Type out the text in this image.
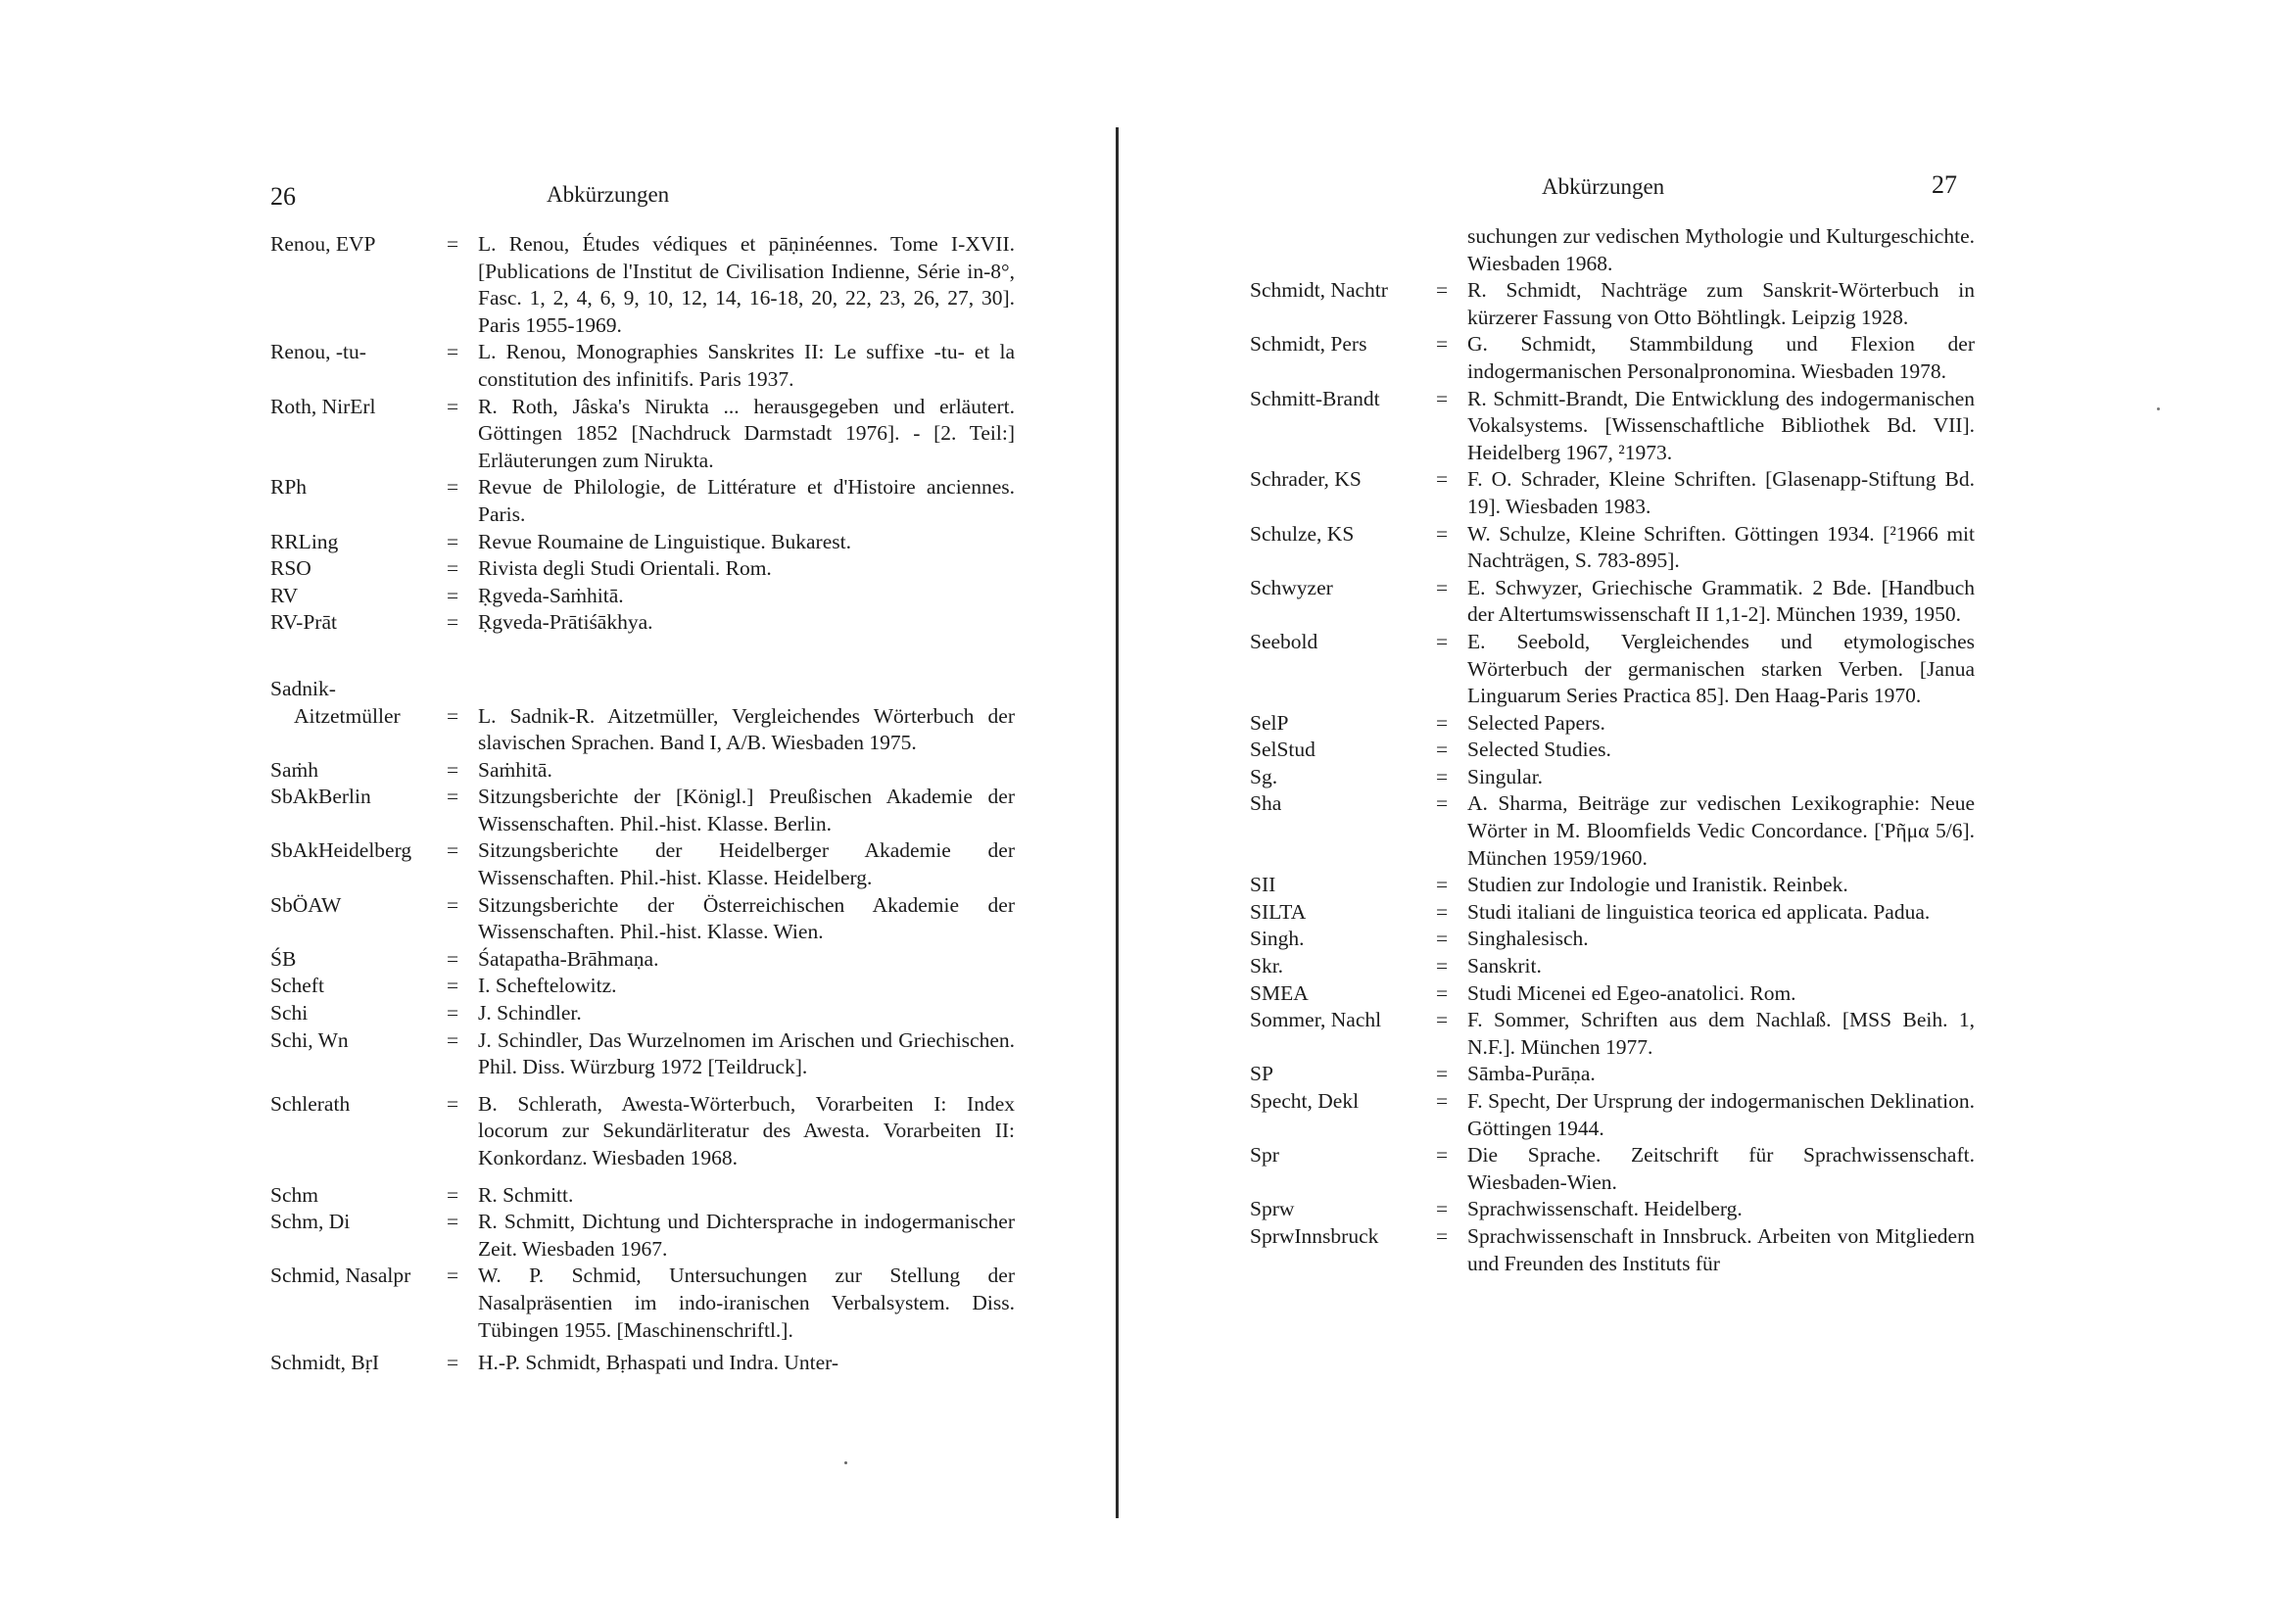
26	Abkürzungen
Renou, EVP	= L. Renou, Études védiques et pāṇinéennes. Tome I-XVII. [Publications de l'Institut de Civilisation Indienne, Série in-8°, Fasc. 1, 2, 4, 6, 9, 10, 12, 14, 16-18, 20, 22, 23, 26, 27, 30]. Paris 1955-1969.
Renou, -tu-	= L. Renou, Monographies Sanskrites II: Le suffixe -tu- et la constitution des infinitifs. Paris 1937.
Roth, NirErl	= R. Roth, Jâska's Nirukta ... herausgegeben und erläutert. Göttingen 1852 [Nachdruck Darmstadt 1976]. - [2. Teil:] Erläuterungen zum Nirukta.
RPh	= Revue de Philologie, de Littérature et d'Histoire anciennes. Paris.
RRLing	= Revue Roumaine de Linguistique. Bukarest.
RSO	= Rivista degli Studi Orientali. Rom.
RV	= Ṛgveda-Saṁhitā.
RV-Prāt	= Ṛgveda-Prātiśākhya.
Sadnik-
Aitzetmüller	= L. Sadnik-R. Aitzetmüller, Vergleichendes Wörterbuch der slavischen Sprachen. Band I, A/B. Wiesbaden 1975.
Saṁh	= Saṁhitā.
SbAkBerlin	= Sitzungsberichte der [Königl.] Preußischen Akademie der Wissenschaften. Phil.-hist. Klasse. Berlin.
SbAkHeidelberg	= Sitzungsberichte der Heidelberger Akademie der Wissenschaften. Phil.-hist. Klasse. Heidelberg.
SbÖAW	= Sitzungsberichte der Österreichischen Akademie der Wissenschaften. Phil.-hist. Klasse. Wien.
ŚB	= Śatapatha-Brāhmaṇa.
Scheft	= I. Scheftelowitz.
Schi	= J. Schindler.
Schi, Wn	= J. Schindler, Das Wurzelnomen im Arischen und Griechischen. Phil. Diss. Würzburg 1972 [Teildruck].
Schlerath	= B. Schlerath, Awesta-Wörterbuch, Vorarbeiten I: Index locorum zur Sekundärliteratur des Awesta. Vorarbeiten II: Konkordanz. Wiesbaden 1968.
Schm	= R. Schmitt.
Schm, Di	= R. Schmitt, Dichtung und Dichtersprache in indogermanischer Zeit. Wiesbaden 1967.
Schmid, Nasalpr	= W. P. Schmid, Untersuchungen zur Stellung der Nasalpräsentien im indo-iranischen Verbalsystem. Diss. Tübingen 1955. [Maschinenschriftl.].
Schmidt, BṛI	= H.-P. Schmidt, Bṛhaspati und Indra. Unter-
Abkürzungen	27
suchungen zur vedischen Mythologie und Kulturgeschichte. Wiesbaden 1968.
Schmidt, Nachtr	= R. Schmidt, Nachträge zum Sanskrit-Wörterbuch in kürzerer Fassung von Otto Böhtlingk. Leipzig 1928.
Schmidt, Pers	= G. Schmidt, Stammbildung und Flexion der indogermanischen Personalpronomina. Wiesbaden 1978.
Schmitt-Brandt	= R. Schmitt-Brandt, Die Entwicklung des indogermanischen Vokalsystems. [Wissenschaftliche Bibliothek Bd. VII]. Heidelberg 1967, ²1973.
Schrader, KS	= F. O. Schrader, Kleine Schriften. [Glasenapp-Stiftung Bd. 19]. Wiesbaden 1983.
Schulze, KS	= W. Schulze, Kleine Schriften. Göttingen 1934. [²1966 mit Nachträgen, S. 783-895].
Schwyzer	= E. Schwyzer, Griechische Grammatik. 2 Bde. [Handbuch der Altertumswissenschaft II 1,1-2]. München 1939, 1950.
Seebold	= E. Seebold, Vergleichendes und etymologisches Wörterbuch der germanischen starken Verben. [Janua Linguarum Series Practica 85]. Den Haag-Paris 1970.
SelP	= Selected Papers.
SelStud	= Selected Studies.
Sg.	= Singular.
Sha	= A. Sharma, Beiträge zur vedischen Lexikographie: Neue Wörter in M. Bloomfields Vedic Concordance. [Ῥῆμα 5/6]. München 1959/1960.
SII	= Studien zur Indologie und Iranistik. Reinbek.
SILTA	= Studi italiani de linguistica teorica ed applicata. Padua.
Singh.	= Singhalesisch.
Skr.	= Sanskrit.
SMEA	= Studi Micenei ed Egeo-anatolici. Rom.
Sommer, Nachl	= F. Sommer, Schriften aus dem Nachlaß. [MSS Beih. 1, N.F.]. München 1977.
SP	= Sāmba-Purāṇa.
Specht, Dekl	= F. Specht, Der Ursprung der indogermanischen Deklination. Göttingen 1944.
Spr	= Die Sprache. Zeitschrift für Sprachwissenschaft. Wiesbaden-Wien.
Sprw	= Sprachwissenschaft. Heidelberg.
SprwInnsbruck	= Sprachwissenschaft in Innsbruck. Arbeiten von Mitgliedern und Freunden des Instituts für
